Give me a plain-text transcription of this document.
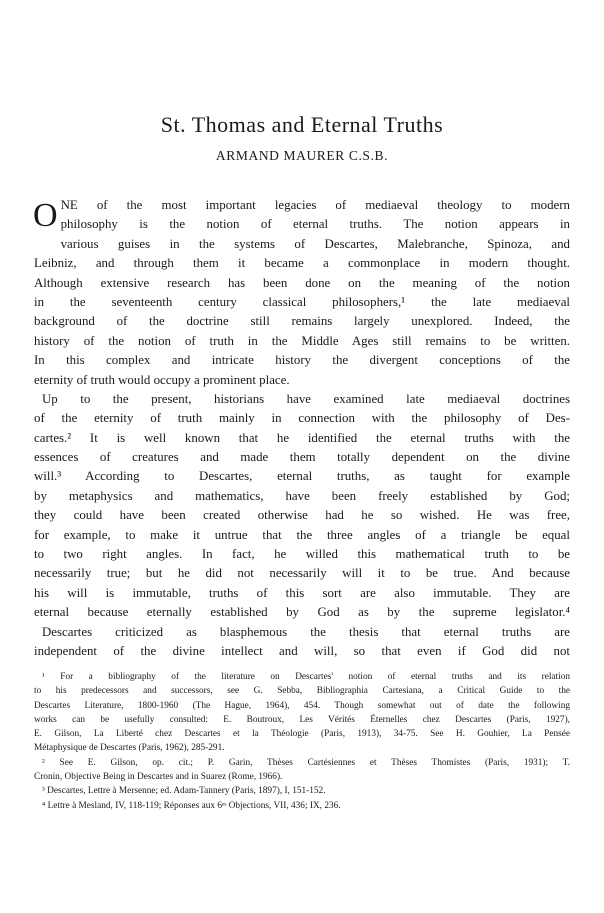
St. Thomas and Eternal Truths
ARMAND MAURER C.S.B.
O NE of the most important legacies of mediaeval theology to modern
philosophy is the notion of eternal truths. The notion appears in
various guises in the systems of Descartes, Malebranche, Spinoza, and
Leibniz, and through them it became a commonplace in modern thought.
Although extensive research has been done on the meaning of the notion
in the seventeenth century classical philosophers,¹ the late mediaeval
background of the doctrine still remains largely unexplored. Indeed, the
history of the notion of truth in the Middle Ages still remains to be written.
In this complex and intricate history the divergent conceptions of the
eternity of truth would occupy a prominent place.
Up to the present, historians have examined late mediaeval doctrines
of the eternity of truth mainly in connection with the philosophy of Des-
cartes.² It is well known that he identified the eternal truths with the
essences of creatures and made them totally dependent on the divine
will.³ According to Descartes, eternal truths, as taught for example
by metaphysics and mathematics, have been freely established by God;
they could have been created otherwise had he so wished. He was free,
for example, to make it untrue that the three angles of a triangle be equal
to two right angles. In fact, he willed this mathematical truth to be
necessarily true; but he did not necessarily will it to be true. And because
his will is immutable, truths of this sort are also immutable. They are
eternal because eternally established by God as by the supreme legislator.⁴
Descartes criticized as blasphemous the thesis that eternal truths are
independent of the divine intellect and will, so that even if God did not
¹ For a bibliography of the literature on Descartes' notion of eternal truths and its relation
to his predecessors and successors, see G. Sebba, Bibliographia Cartesiana, a Critical Guide to the
Descartes Literature, 1800-1960 (The Hague, 1964), 454. Though somewhat out of date the following
works can be usefully consulted: E. Boutroux, Les Vérités Éternelles chez Descartes (Paris, 1927),
E. Gilson, La Liberté chez Descartes et la Théologie (Paris, 1913), 34-75. See H. Gouhier, La Pensée
Métaphysique de Descartes (Paris, 1962), 285-291.
² See E. Gilson, op. cit.; P. Garin, Thèses Cartésiennes et Thèses Thomistes (Paris, 1931); T.
Cronin, Objective Being in Descartes and in Suarez (Rome, 1966).
³ Descartes, Lettre à Mersenne; ed. Adam-Tannery (Paris, 1897), I, 151-152.
⁴ Lettre à Mesland, IV, 118-119; Réponses aux 6ᵉˢ Objections, VII, 436; IX, 236.
